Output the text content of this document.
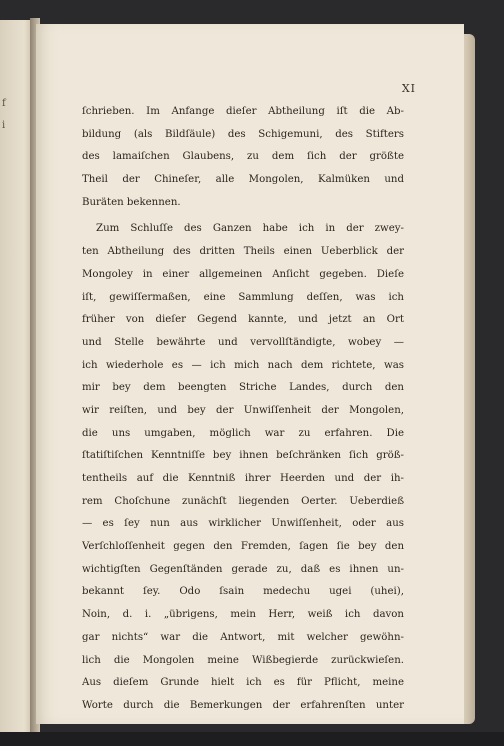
f
i
XI
ſchrieben. Im Anfange dieſer Abtheilung iſt die Ab-
bildung (als Bildſäule) des Schigemuni, des Stifters
des lamaiſchen Glaubens, zu dem ſich der größte
Theil der Chineſer, alle Mongolen, Kalmüken und
Buräten bekennen.
Zum Schluſſe des Ganzen habe ich in der zwey-
ten Abtheilung des dritten Theils einen Ueberblick der
Mongoley in einer allgemeinen Anſicht gegeben. Dieſe
iſt, gewiſſermaßen, eine Sammlung deſſen, was ich
früher von dieſer Gegend kannte, und jetzt an Ort
und Stelle bewährte und vervollſtändigte, wobey —
ich wiederhole es — ich mich nach dem richtete, was
mir bey dem beengten Striche Landes, durch den
wir reiſten, und bey der Unwiſſenheit der Mongolen,
die uns umgaben, möglich war zu erfahren. Die
ſtatiſtiſchen Kenntniſſe bey ihnen beſchränken ſich größ-
tentheils auf die Kenntniß ihrer Heerden und der ih-
rem Choſchune zunächſt liegenden Oerter. Ueberdieß
— es ſey nun aus wirklicher Unwiſſenheit, oder aus
Verſchloſſenheit gegen den Fremden, ſagen ſie bey den
wichtigſten Gegenſtänden gerade zu, daß es ihnen un-
bekannt ſey. Odo ſsain medechu ugei (uhei),
Noin, d. i. „übrigens, mein Herr, weiß ich davon
gar nichts“ war die Antwort, mit welcher gewöhn-
lich die Mongolen meine Wißbegierde zurückwieſen.
Aus dieſem Grunde hielt ich es für Pflicht, meine
Worte durch die Bemerkungen der erfahrenſten unter
